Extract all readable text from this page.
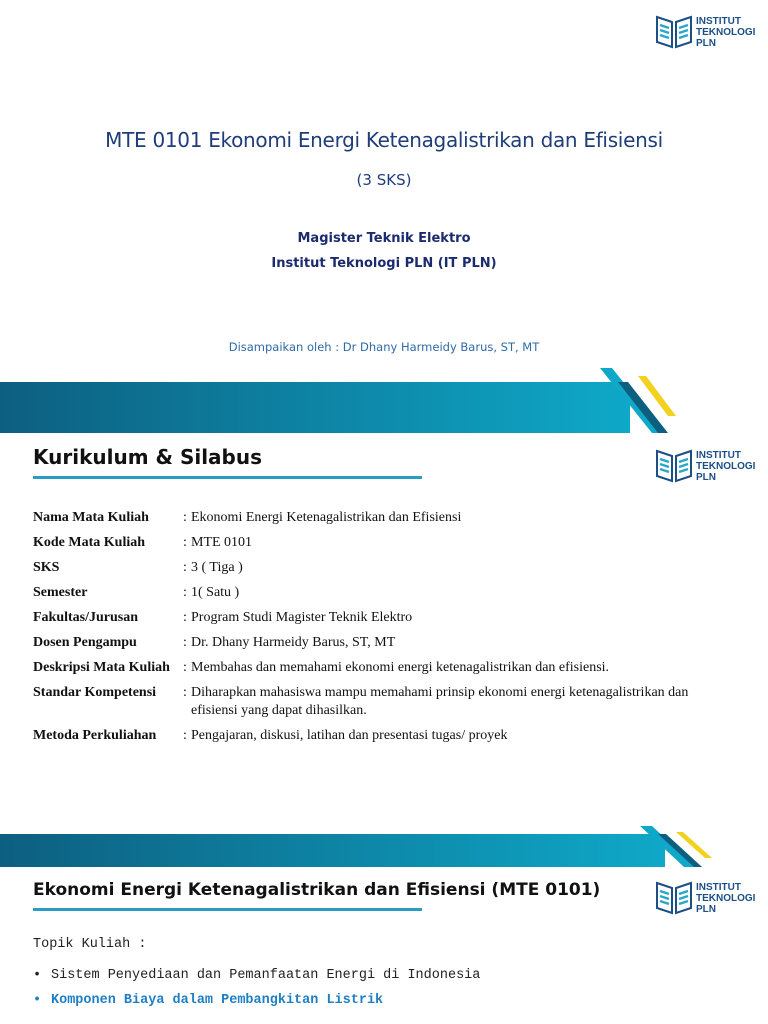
INSTITUT
TEKNOLOGI
PLN
MTE 0101 Ekonomi Energi Ketenagalistrikan dan Efisiensi
(3 SKS)
Magister Teknik Elektro
Institut Teknologi PLN (IT PLN)
Disampaikan oleh : Dr Dhany Harmeidy Barus, ST, MT
Kurikulum & Silabus	INSTITUT
TEKNOLOGI
PLN
Nama Mata Kuliah	:	Ekonomi Energi Ketenagalistrikan dan Efisiensi
Kode Mata Kuliah	:	MTE 0101
SKS	:	3 ( Tiga )
Semester	:	1( Satu )
Fakultas/Jurusan	:	Program Studi Magister Teknik Elektro
Dosen Pengampu	:	Dr. Dhany Harmeidy Barus, ST, MT
Deskripsi Mata Kuliah	:	Membahas dan memahami ekonomi energi ketenagalistrikan dan efisiensi.
Standar Kompetensi	:	Diharapkan mahasiswa mampu memahami prinsip ekonomi energi ketenagalistrikan dan efisiensi yang dapat dihasilkan.
Metoda Perkuliahan	:	Pengajaran, diskusi, latihan dan presentasi tugas/ proyek
Ekonomi Energi Ketenagalistrikan dan Efisiensi (MTE 0101)	INSTITUT
TEKNOLOGI
PLN
Topik Kuliah :
• Sistem Penyediaan dan Pemanfaatan Energi di Indonesia
• Komponen Biaya dalam Pembangkitan Listrik
